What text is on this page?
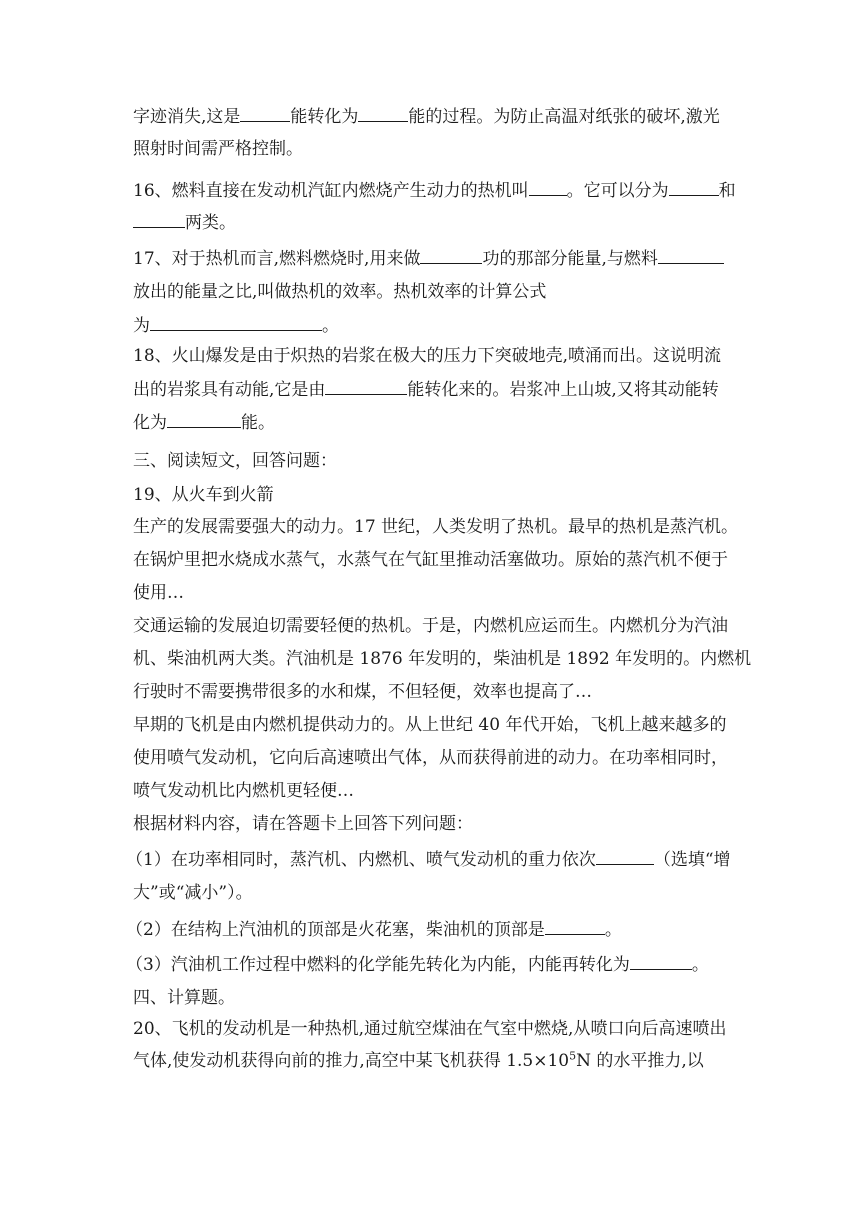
字迹消失,这是	能转化为	能的过程。为防止高温对纸张的破坏,激光
照射时间需严格控制。
16、燃料直接在发动机汽缸内燃烧产生动力的热机叫 。它可以分为	和
两类。
17、对于热机而言,燃料燃烧时,用来做	功的那部分能量,与燃料
放出的能量之比,叫做热机的效率。热机效率的计算公式
为	。
18、火山爆发是由于炽热的岩浆在极大的压力下突破地壳,喷涌而出。这说明流
出的岩浆具有动能,它是由	能转化来的。岩浆冲上山坡,又将其动能转
化为	能。
三、阅读短文，回答问题：
19、从火车到火箭
生产的发展需要强大的动力。17 世纪，人类发明了热机。最早的热机是蒸汽机。
在锅炉里把水烧成水蒸气，水蒸气在气缸里推动活塞做功。原始的蒸汽机不便于
使用…
交通运输的发展迫切需要轻便的热机。于是，内燃机应运而生。内燃机分为汽油
机、柴油机两大类。汽油机是 1876 年发明的，柴油机是 1892 年发明的。内燃机
行驶时不需要携带很多的水和煤，不但轻便，效率也提高了…
早期的飞机是由内燃机提供动力的。从上世纪 40 年代开始，飞机上越来越多的
使用喷气发动机，它向后高速喷出气体，从而获得前进的动力。在功率相同时，
喷气发动机比内燃机更轻便…
根据材料内容，请在答题卡上回答下列问题：
（1）在功率相同时，蒸汽机、内燃机、喷气发动机的重力依次	（选填“增
大”或“减小”）。
（2）在结构上汽油机的顶部是火花塞，柴油机的顶部是	。
（3）汽油机工作过程中燃料的化学能先转化为内能，内能再转化为	。
四、计算题。
20、飞机的发动机是一种热机,通过航空煤油在气室中燃烧,从喷口向后高速喷出
气体,使发动机获得向前的推力,高空中某飞机获得 $1.5\times 10^5N$ 的水平推力,以
